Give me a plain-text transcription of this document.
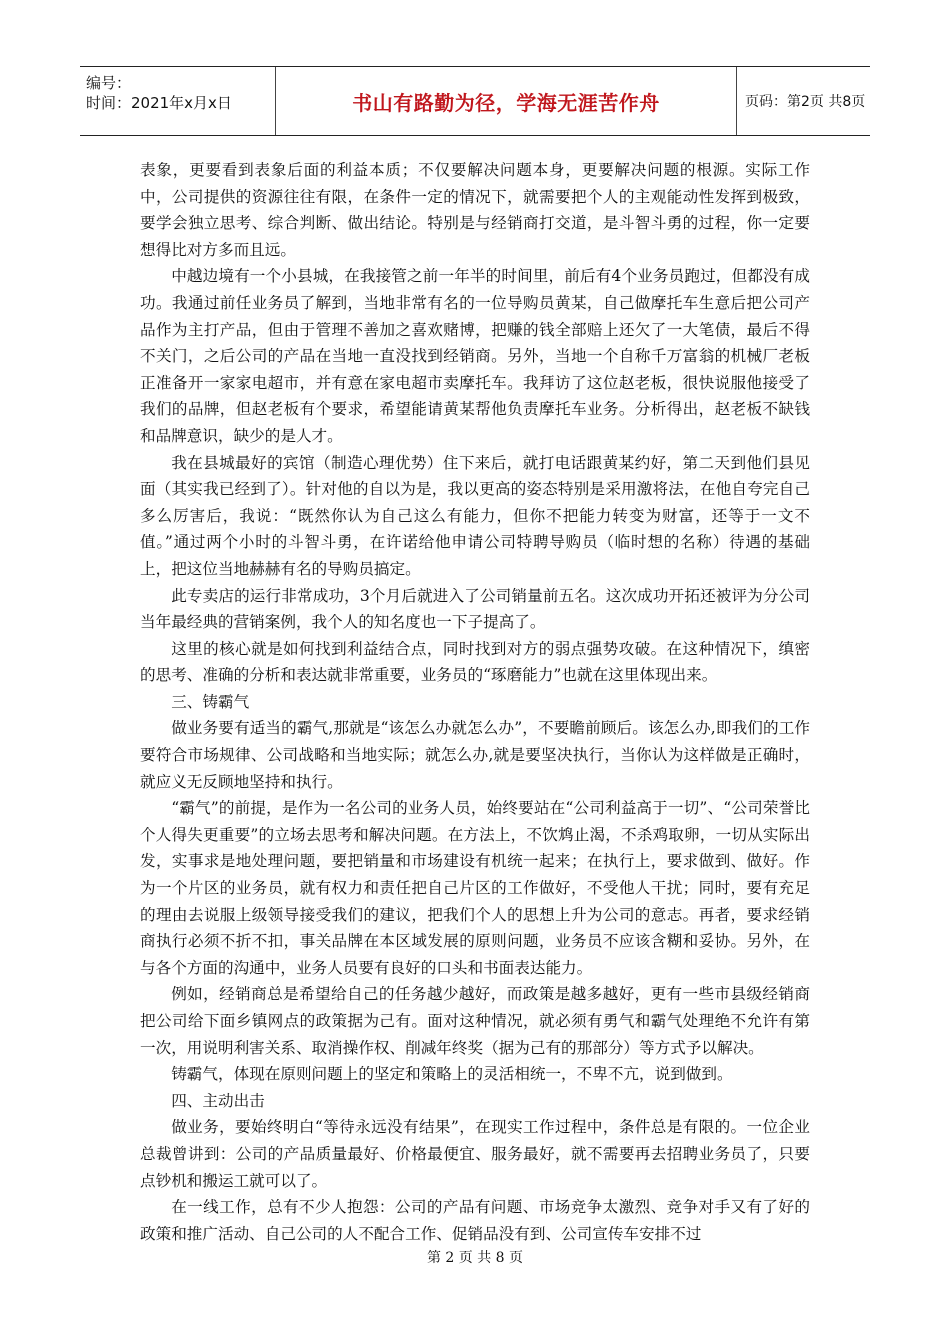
编号：
时间：2021年x月x日	书山有路勤为径，学海无涯苦作舟	页码：第2页 共8页

表象，更要看到表象后面的利益本质；不仅要解决问题本身，更要解决问题的根源。实际工作中，公司提供的资源往往有限，在条件一定的情况下，就需要把个人的主观能动性发挥到极致，要学会独立思考、综合判断、做出结论。特别是与经销商打交道，是斗智斗勇的过程，你一定要想得比对方多而且远。

中越边境有一个小县城，在我接管之前一年半的时间里，前后有4个业务员跑过，但都没有成功。我通过前任业务员了解到，当地非常有名的一位导购员黄某，自己做摩托车生意后把公司产品作为主打产品，但由于管理不善加之喜欢赌博，把赚的钱全部赔上还欠了一大笔债，最后不得不关门，之后公司的产品在当地一直没找到经销商。另外，当地一个自称千万富翁的机械厂老板正准备开一家家电超市，并有意在家电超市卖摩托车。我拜访了这位赵老板，很快说服他接受了我们的品牌，但赵老板有个要求，希望能请黄某帮他负责摩托车业务。分析得出，赵老板不缺钱和品牌意识，缺少的是人才。

我在县城最好的宾馆（制造心理优势）住下来后，就打电话跟黄某约好，第二天到他们县见面（其实我已经到了）。针对他的自以为是，我以更高的姿态特别是采用激将法，在他自夸完自己多么厉害后，我说：“既然你认为自己这么有能力，但你不把能力转变为财富，还等于一文不值。”通过两个小时的斗智斗勇，在许诺给他申请公司特聘导购员（临时想的名称）待遇的基础上，把这位当地赫赫有名的导购员搞定。

此专卖店的运行非常成功，3个月后就进入了公司销量前五名。这次成功开拓还被评为分公司当年最经典的营销案例，我个人的知名度也一下子提高了。

这里的核心就是如何找到利益结合点，同时找到对方的弱点强势攻破。在这种情况下，缜密的思考、准确的分析和表达就非常重要，业务员的“琢磨能力”也就在这里体现出来。

三、铸霸气

做业务要有适当的霸气,那就是“该怎么办就怎么办”，不要瞻前顾后。该怎么办,即我们的工作要符合市场规律、公司战略和当地实际；就怎么办,就是要坚决执行，当你认为这样做是正确时，就应义无反顾地坚持和执行。

“霸气”的前提，是作为一名公司的业务人员，始终要站在“公司利益高于一切”、“公司荣誉比个人得失更重要”的立场去思考和解决问题。在方法上，不饮鸩止渴，不杀鸡取卵，一切从实际出发，实事求是地处理问题，要把销量和市场建设有机统一起来；在执行上，要求做到、做好。作为一个片区的业务员，就有权力和责任把自己片区的工作做好，不受他人干扰；同时，要有充足的理由去说服上级领导接受我们的建议，把我们个人的思想上升为公司的意志。再者，要求经销商执行必须不折不扣，事关品牌在本区域发展的原则问题，业务员不应该含糊和妥协。另外，在与各个方面的沟通中，业务人员要有良好的口头和书面表达能力。

例如，经销商总是希望给自己的任务越少越好，而政策是越多越好，更有一些市县级经销商把公司给下面乡镇网点的政策据为己有。面对这种情况，就必须有勇气和霸气处理绝不允许有第一次，用说明利害关系、取消操作权、削减年终奖（据为己有的那部分）等方式予以解决。

铸霸气，体现在原则问题上的坚定和策略上的灵活相统一，不卑不亢，说到做到。

四、主动出击

做业务，要始终明白“等待永远没有结果”，在现实工作过程中，条件总是有限的。一位企业总裁曾讲到：公司的产品质量最好、价格最便宜、服务最好，就不需要再去招聘业务员了，只要点钞机和搬运工就可以了。

在一线工作，总有不少人抱怨：公司的产品有问题、市场竞争太激烈、竞争对手又有了好的政策和推广活动、自己公司的人不配合工作、促销品没有到、公司宣传车安排不过

第 2 页 共 8 页
